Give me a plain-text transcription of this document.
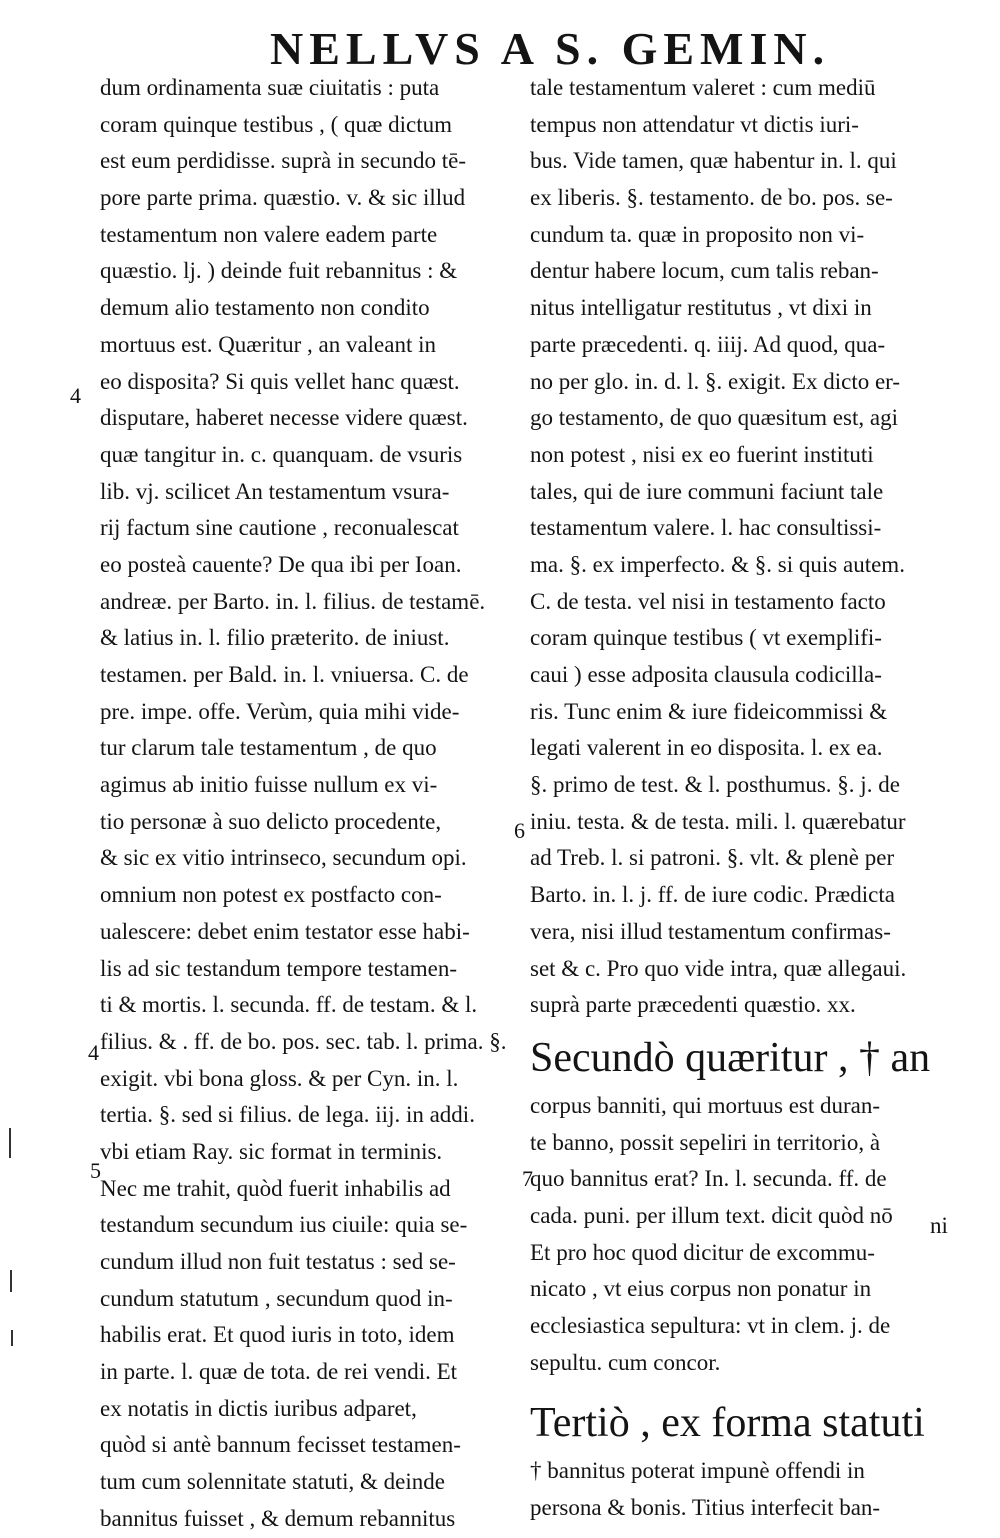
NELLVS A S. GEMIN.
dum ordinamenta suæ ciuitatis : puta
coram quinque testibus , ( quæ dictum
est eum perdidisse. suprà in secundo tē-
pore parte prima. quæstio. v. & sic illud
testamentum non valere eadem parte
quæstio. lj. ) deinde fuit rebannitus : &
demum alio testamento non condito
mortuus est. Quæritur , an valeant in
eo disposita? Si quis vellet hanc quæst.
disputare, haberet necesse videre quæst.
quæ tangitur in. c. quanquam. de vsuris
lib. vj. scilicet An testamentum vsura-
rij factum sine cautione , reconualescat
eo posteà cauente? De qua ibi per Ioan.
andreæ. per Barto. in. l. filius. de testamē.
& latius in. l. filio præterito. de iniust.
testamen. per Bald. in. l. vniuersa. C. de
pre. impe. offe. Verùm, quia mihi vide-
tur clarum tale testamentum , de quo
agimus ab initio fuisse nullum ex vi-
tio personæ à suo delicto procedente,
& sic ex vitio intrinseco, secundum opi.
omnium non potest ex postfacto con-
ualescere: debet enim testator esse habi-
lis ad sic testandum tempore testamen-
ti & mortis. l. secunda. ff. de testam. & l.
filius. & . ff. de bo. pos. sec. tab. l. prima. §.
exigit. vbi bona gloss. & per Cyn. in. l.
tertia. §. sed si filius. de lega. iij. in addi.
vbi etiam Ray. sic format in terminis.
Nec me trahit, quòd fuerit inhabilis ad
testandum secundum ius ciuile: quia se-
cundum illud non fuit testatus : sed se-
cundum statutum , secundum quod in-
habilis erat. Et quod iuris in toto, idem
in parte. l. quæ de tota. de rei vendi. Et
ex notatis in dictis iuribus adparet,
quòd si antè bannum fecisset testamen-
tum cum solennitate statuti, & deinde
bannitus fuisset , & demum rebannitus
tale testamentum valeret : cum mediū
tempus non attendatur vt dictis iuri-
bus. Vide tamen, quæ habentur in. l. qui
ex liberis. §. testamento. de bo. pos. se-
cundum ta. quæ in proposito non vi-
dentur habere locum, cum talis reban-
nitus intelligatur restitutus , vt dixi in
parte præcedenti. q. iiij. Ad quod, qua-
no per glo. in. d. l. §. exigit. Ex dicto er-
go testamento, de quo quæsitum est, agi
non potest , nisi ex eo fuerint instituti
tales, qui de iure communi faciunt tale
testamentum valere. l. hac consultissi-
ma. §. ex imperfecto. & §. si quis autem.
C. de testa. vel nisi in testamento facto
coram quinque testibus ( vt exemplifi-
caui ) esse adposita clausula codicilla-
ris. Tunc enim & iure fideicommissi &
legati valerent in eo disposita. l. ex ea.
§. primo de test. & l. posthumus. §. j. de
iniu. testa. & de testa. mili. l. quærebatur
ad Treb. l. si patroni. §. vlt. & plenè per
Barto. in. l. j. ff. de iure codic. Prædicta
vera, nisi illud testamentum confirmas-
set & c. Pro quo vide intra, quæ allegaui.
suprà parte præcedenti quæstio. xx.
Secundò quæritur , † an
corpus banniti, qui mortuus est duran-
te banno, possit sepeliri in territorio, à
quo bannitus erat? In. l. secunda. ff. de
cada. puni. per illum text. dicit quòd nō
Et pro hoc quod dicitur de excommu-
nicato , vt eius corpus non ponatur in
ecclesiastica sepultura: vt in clem. j. de
sepultu. cum concor.
Tertiò , ex forma statuti
† bannitus poterat impunè offendi in
persona & bonis. Titius interfecit ban-
ni
4
4
5
6
7
